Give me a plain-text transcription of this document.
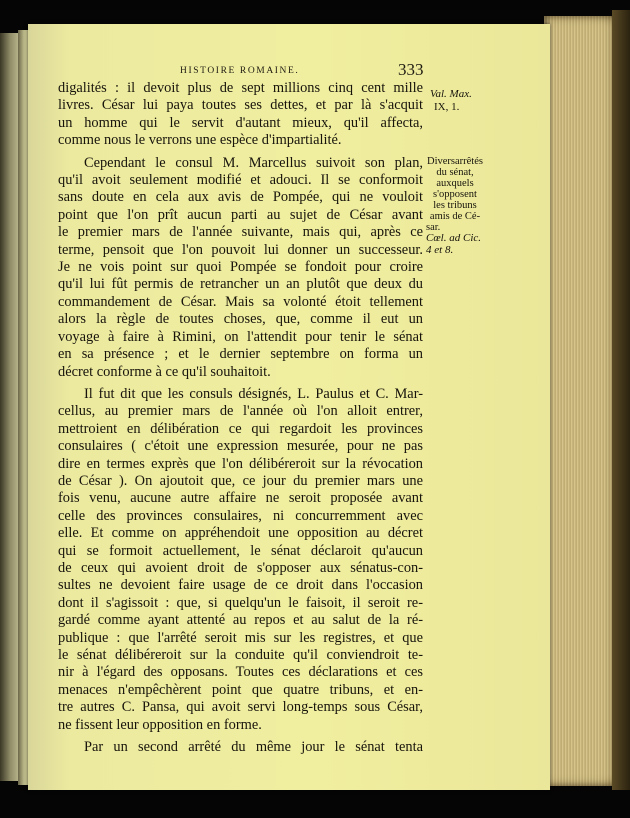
HISTOIRE ROMAINE.	333
digalités : il devoit plus de sept millions cinq cent mille
livres. César lui paya toutes ses dettes, et par là s'acquit
un homme qui le servit d'autant mieux, qu'il affecta,
comme nous le verrons une espèce d'impartialité.
Cependant le consul M. Marcellus suivoit son plan,
qu'il avoit seulement modifié et adouci. Il se conformoit
sans doute en cela aux avis de Pompée, qui ne vouloit
point que l'on prît aucun parti au sujet de César avant
le premier mars de l'année suivante, mais qui, après ce
terme, pensoit que l'on pouvoit lui donner un successeur.
Je ne vois point sur quoi Pompée se fondoit pour croire
qu'il lui fût permis de retrancher un an plutôt que deux du
commandement de César. Mais sa volonté étoit tellement
alors la règle de toutes choses, que, comme il eut un
voyage à faire à Rimini, on l'attendit pour tenir le sénat
en sa présence ; et le dernier septembre on forma un
décret conforme à ce qu'il souhaitoit.
Il fut dit que les consuls désignés, L. Paulus et C. Mar-
cellus, au premier mars de l'année où l'on alloit entrer,
mettroient en délibération ce qui regardoit les provinces
consulaires ( c'étoit une expression mesurée, pour ne pas
dire en termes exprès que l'on délibéreroit sur la révocation
de César ). On ajoutoit que, ce jour du premier mars une
fois venu, aucune autre affaire ne seroit proposée avant
celle des provinces consulaires, ni concurremment avec
elle. Et comme on appréhendoit une opposition au décret
qui se formoit actuellement, le sénat déclaroit qu'aucun
de ceux qui avoient droit de s'opposer aux sénatus-con-
sultes ne devoient faire usage de ce droit dans l'occasion
dont il s'agissoit : que, si quelqu'un le faisoit, il seroit re-
gardé comme ayant attenté au repos et au salut de la ré-
publique : que l'arrêté seroit mis sur les registres, et que
le sénat délibéreroit sur la conduite qu'il conviendroit te-
nir à l'égard des opposans. Toutes ces déclarations et ces
menaces n'empêchèrent point que quatre tribuns, et en-
tre autres C. Pansa, qui avoit servi long-temps sous César,
ne fissent leur opposition en forme.
Par un second arrêté du même jour le sénat tenta
Val. Max.
IX, 1.
Diversarrêtés
du sénat,
auxquels
s'opposent
les tribuns
amis de Cé-

sar.
Cœl. ad Cic.
4 et 8.
